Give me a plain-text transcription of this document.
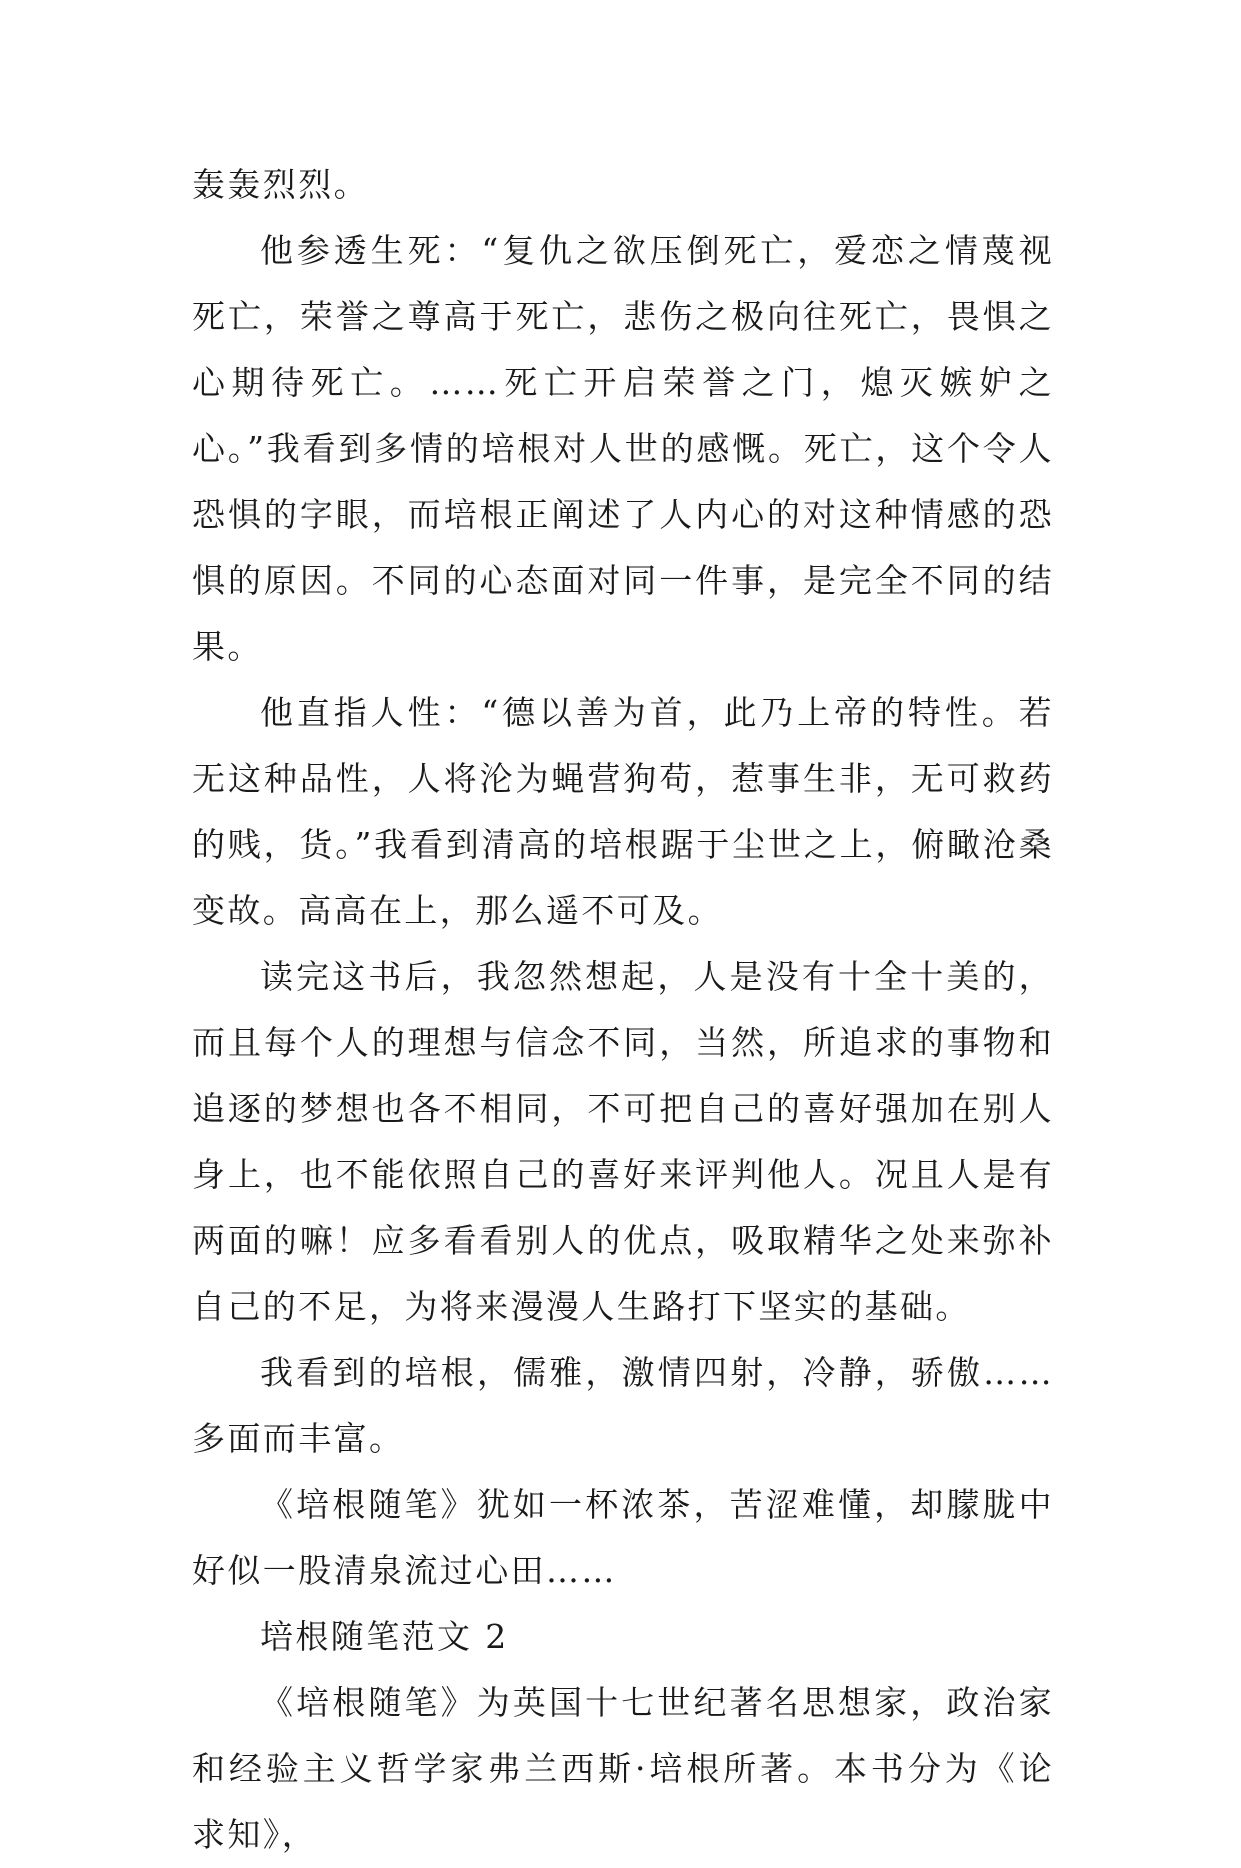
轰轰烈烈。

他参透生死：“复仇之欲压倒死亡，爱恋之情蔑视死亡，荣誉之尊高于死亡，悲伤之极向往死亡，畏惧之心期待死亡。……死亡开启荣誉之门，熄灭嫉妒之心。”我看到多情的培根对人世的感慨。死亡，这个令人恐惧的字眼，而培根正阐述了人内心的对这种情感的恐惧的原因。不同的心态面对同一件事，是完全不同的结果。

他直指人性：“德以善为首，此乃上帝的特性。若无这种品性，人将沦为蝇营狗苟，惹事生非，无可救药的贱，货。”我看到清高的培根踞于尘世之上，俯瞰沧桑变故。高高在上，那么遥不可及。

读完这书后，我忽然想起，人是没有十全十美的，而且每个人的理想与信念不同，当然，所追求的事物和追逐的梦想也各不相同，不可把自己的喜好强加在别人身上，也不能依照自己的喜好来评判他人。况且人是有两面的嘛！应多看看别人的优点，吸取精华之处来弥补自己的不足，为将来漫漫人生路打下坚实的基础。

我看到的培根，儒雅，激情四射，冷静，骄傲……多面而丰富。

《培根随笔》犹如一杯浓茶，苦涩难懂，却朦胧中好似一股清泉流过心田……

培根随笔范文 2

《培根随笔》为英国十七世纪著名思想家，政治家和经验主义哲学家弗兰西斯·培根所著。本书分为《论求知》，
